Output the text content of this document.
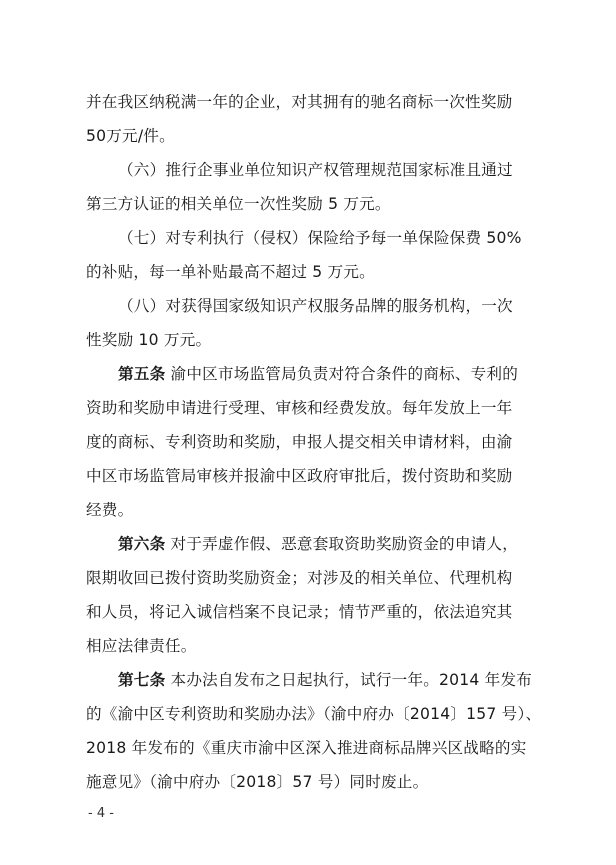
并在我区纳税满一年的企业，对其拥有的驰名商标一次性奖励
50万元/件。
（六）推行企事业单位知识产权管理规范国家标准且通过
第三方认证的相关单位一次性奖励 5 万元。
（七）对专利执行（侵权）保险给予每一单保险保费 50%
的补贴，每一单补贴最高不超过 5 万元。
（八）对获得国家级知识产权服务品牌的服务机构，一次
性奖励 10 万元。
第五条 渝中区市场监管局负责对符合条件的商标、专利的
资助和奖励申请进行受理、审核和经费发放。每年发放上一年
度的商标、专利资助和奖励，申报人提交相关申请材料，由渝
中区市场监管局审核并报渝中区政府审批后，拨付资助和奖励
经费。
第六条 对于弄虚作假、恶意套取资助奖励资金的申请人，
限期收回已拨付资助奖励资金；对涉及的相关单位、代理机构
和人员，将记入诚信档案不良记录；情节严重的，依法追究其
相应法律责任。
第七条 本办法自发布之日起执行，试行一年。2014 年发布
的《渝中区专利资助和奖励办法》（渝中府办〔2014〕157 号）、
2018 年发布的《重庆市渝中区深入推进商标品牌兴区战略的实
施意见》（渝中府办〔2018〕57 号）同时废止。
- 4 -
